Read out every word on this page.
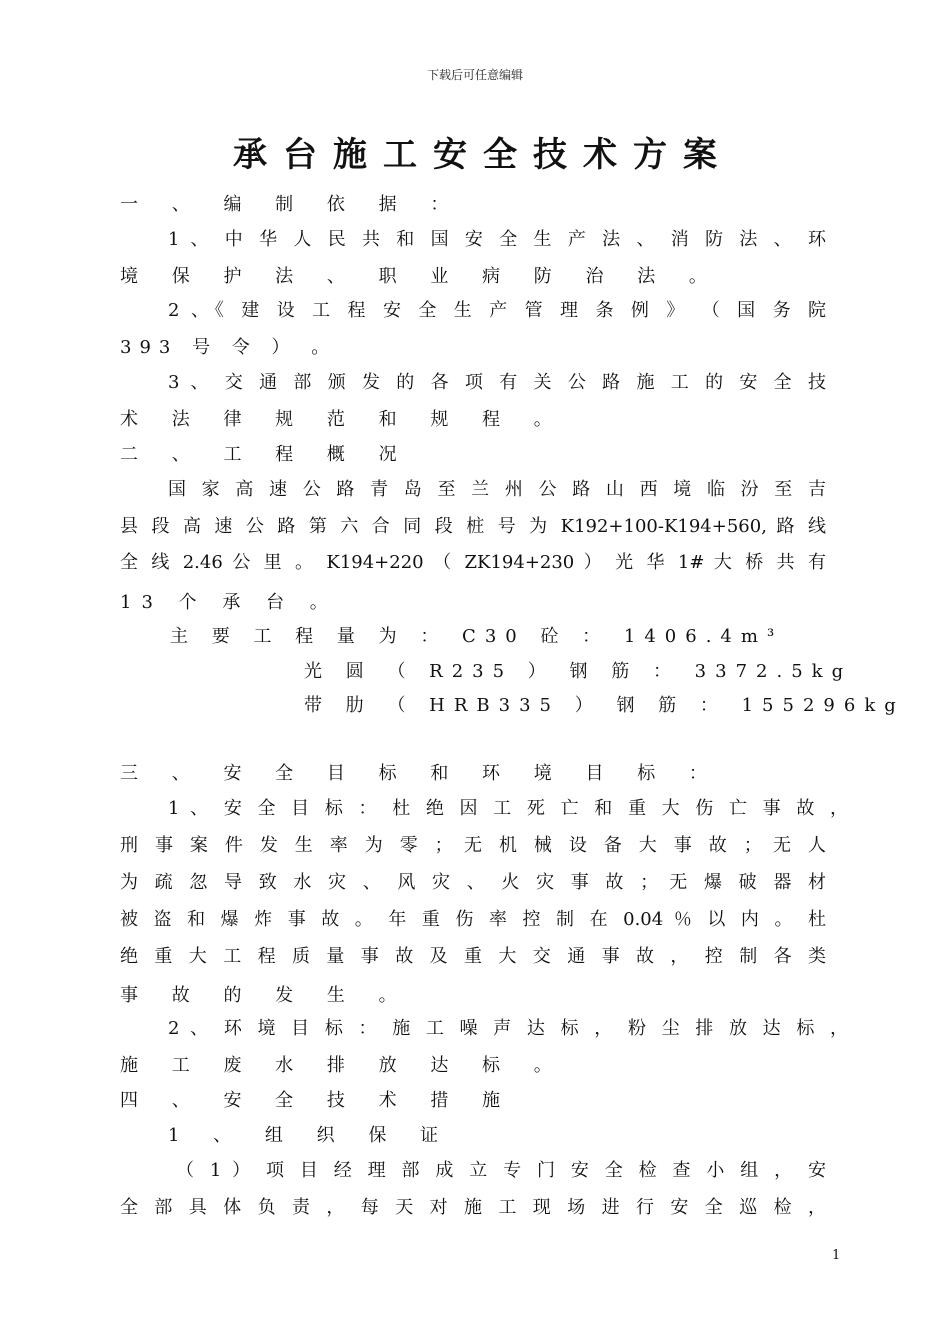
下载后可任意编辑
承台施工安全技术方案
一 、 编 制 依 据 ：
1 、 中 华 人 民 共 和 国 安 全 生 产 法 、 消 防 法 、 环
境 保 护 法 、 职 业 病 防 治 法 。
2 、《 建 设 工 程 安 全 生 产 管 理 条 例 》 （ 国 务 院
393 号 令 ） 。
3 、 交 通 部 颁 发 的 各 项 有 关 公 路 施 工 的 安 全 技
术 法 律 规 范 和 规 程 。
二 、 工 程 概 况
国 家 高 速 公 路 青 岛 至 兰 州 公 路 山 西 境 临 汾 至 吉
县 段 高 速 公 路 第 六 合 同 段 桩 号 为 K192+100-K194+560, 路 线
全 线 2.46 公 里 。 K194+220 （ ZK194+230 ） 光 华 1# 大 桥 共 有
13 个 承 台 。
主 要 工 程 量 为 ： C30 砼 ： 1406.4m³
光 圆 （ R235 ） 钢 筋 ： 3372.5kg
带 肋 （ HRB335 ） 钢 筋 ： 155296kg
三 、 安 全 目 标 和 环 境 目 标 ：
1 、 安 全 目 标 ： 杜 绝 因 工 死 亡 和 重 大 伤 亡 事 故 ，
刑 事 案 件 发 生 率 为 零 ； 无 机 械 设 备 大 事 故 ； 无 人
为 疏 忽 导 致 水 灾 、 风 灾 、 火 灾 事 故 ； 无 爆 破 器 材
被 盗 和 爆 炸 事 故 。 年 重 伤 率 控 制 在 0.04 ％ 以 内 。 杜
绝 重 大 工 程 质 量 事 故 及 重 大 交 通 事 故 ， 控 制 各 类
事 故 的 发 生 。
2 、 环 境 目 标 ： 施 工 噪 声 达 标 ， 粉 尘 排 放 达 标 ，
施 工 废 水 排 放 达 标 。
四 、 安 全 技 术 措 施
1 、 组 织 保 证
（ 1 ） 项 目 经 理 部 成 立 专 门 安 全 检 查 小 组 ， 安
全 部 具 体 负 责 ， 每 天 对 施 工 现 场 进 行 安 全 巡 检 ，
1
